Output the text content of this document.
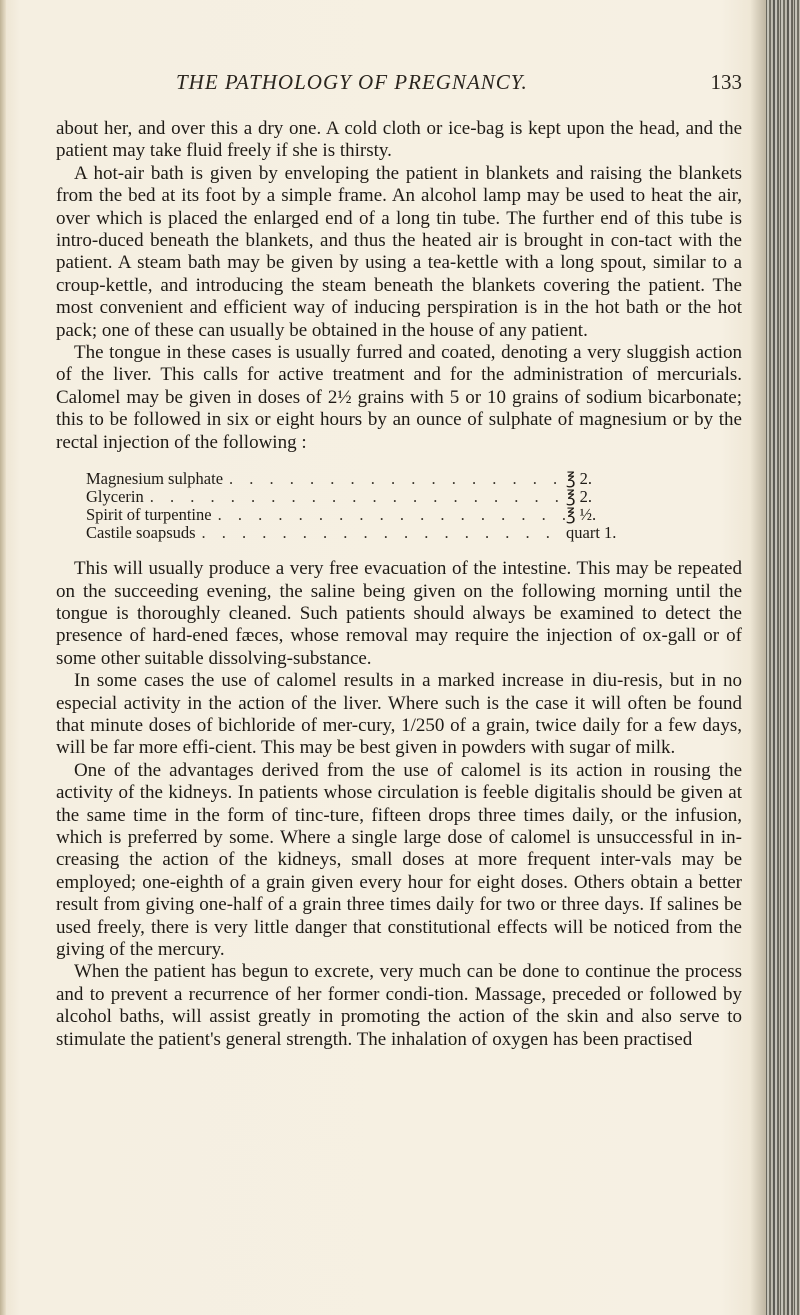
THE PATHOLOGY OF PREGNANCY.	133

about her, and over this a dry one. A cold cloth or ice-bag is kept upon the head, and the patient may take fluid freely if she is thirsty.

A hot-air bath is given by enveloping the patient in blankets and raising the blankets from the bed at its foot by a simple frame. An alcohol lamp may be used to heat the air, over which is placed the enlarged end of a long tin tube. The further end of this tube is intro-duced beneath the blankets, and thus the heated air is brought in con-tact with the patient. A steam bath may be given by using a tea-kettle with a long spout, similar to a croup-kettle, and introducing the steam beneath the blankets covering the patient. The most convenient and efficient way of inducing perspiration is in the hot bath or the hot pack; one of these can usually be obtained in the house of any patient.

The tongue in these cases is usually furred and coated, denoting a very sluggish action of the liver. This calls for active treatment and for the administration of mercurials. Calomel may be given in doses of 2½ grains with 5 or 10 grains of sodium bicarbonate; this to be followed in six or eight hours by an ounce of sulphate of magnesium or by the rectal injection of the following :

Magnesium sulphate . . .	℥ 2.
Glycerin . . .	℥ 2.
Spirit of turpentine . . .	℥ ½.
Castile soapsuds . . .	quart 1.

This will usually produce a very free evacuation of the intestine. This may be repeated on the succeeding evening, the saline being given on the following morning until the tongue is thoroughly cleaned. Such patients should always be examined to detect the presence of hard-ened fæces, whose removal may require the injection of ox-gall or of some other suitable dissolving-substance.

In some cases the use of calomel results in a marked increase in diu-resis, but in no especial activity in the action of the liver. Where such is the case it will often be found that minute doses of bichloride of mer-cury, 1/250 of a grain, twice daily for a few days, will be far more effi-cient. This may be best given in powders with sugar of milk.

One of the advantages derived from the use of calomel is its action in rousing the activity of the kidneys. In patients whose circulation is feeble digitalis should be given at the same time in the form of tinc-ture, fifteen drops three times daily, or the infusion, which is preferred by some. Where a single large dose of calomel is unsuccessful in in-creasing the action of the kidneys, small doses at more frequent inter-vals may be employed; one-eighth of a grain given every hour for eight doses. Others obtain a better result from giving one-half of a grain three times daily for two or three days. If salines be used freely, there is very little danger that constitutional effects will be noticed from the giving of the mercury.

When the patient has begun to excrete, very much can be done to continue the process and to prevent a recurrence of her former condi-tion. Massage, preceded or followed by alcohol baths, will assist greatly in promoting the action of the skin and also serve to stimulate the patient's general strength. The inhalation of oxygen has been practised
